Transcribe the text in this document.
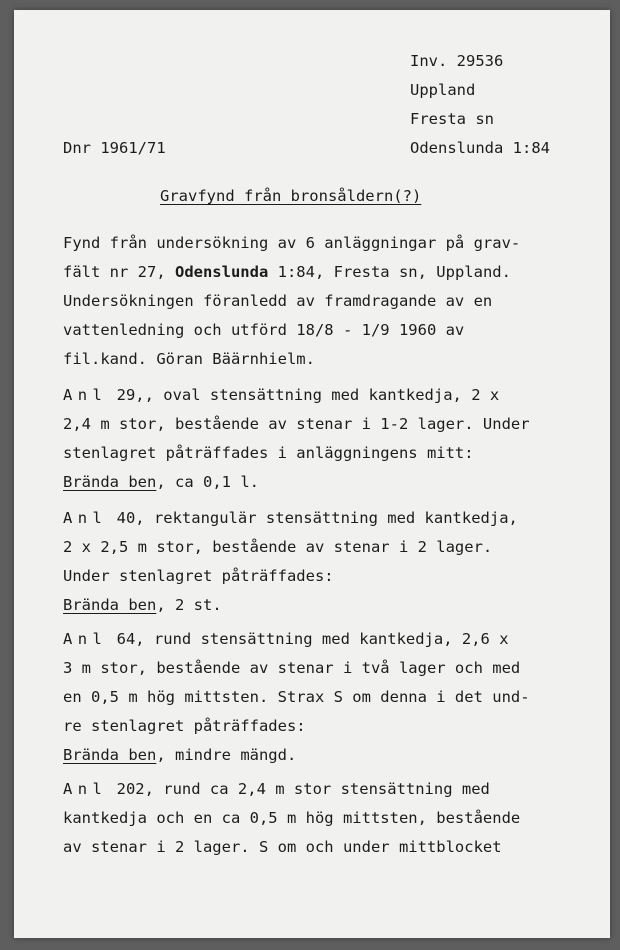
Inv. 29536
Uppland
Fresta sn
Dnr 1961/71	Odenslunda 1:84
Gravfynd från bronsåldern(?)
Fynd från undersökning av 6 anläggningar på grav-
fält nr 27, Odenslunda 1:84, Fresta sn, Uppland.
Undersökningen föranledd av framdragande av en
vattenledning och utförd 18/8 - 1/9 1960 av
fil.kand. Göran Bäärnhielm.
Anl 29,, oval stensättning med kantkedja, 2 x
2,4 m stor, bestående av stenar i 1-2 lager. Under
stenlagret påträffades i anläggningens mitt:
Brända ben, ca 0,1 l.
Anl 40, rektangulär stensättning med kantkedja,
2 x 2,5 m stor, bestående av stenar i 2 lager.
Under stenlagret påträffades:
Brända ben, 2 st.
Anl 64, rund stensättning med kantkedja, 2,6 x
3 m stor, bestående av stenar i två lager och med
en 0,5 m hög mittsten. Strax S om denna i det und-
re stenlagret påträffades:
Brända ben, mindre mängd.
Anl 202, rund ca 2,4 m stor stensättning med
kantkedja och en ca 0,5 m hög mittsten, bestående
av stenar i 2 lager. S om och under mittblocket
